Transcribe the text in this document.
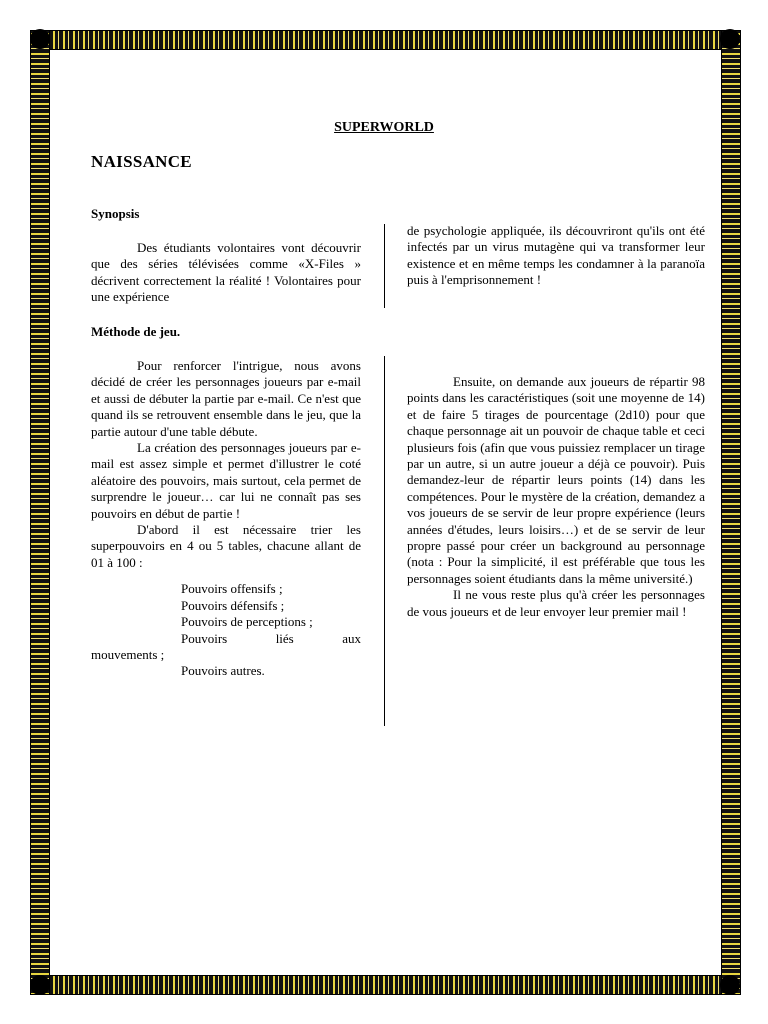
SUPERWORLD
NAISSANCE
Synopsis

Des étudiants volontaires vont découvrir que des séries télévisées comme «X-Files » décrivent correctement la réalité ! Volontaires pour une expérience

de psychologie appliquée, ils découvriront qu'ils ont été infectés par un virus mutagène qui va transformer leur existence et en même temps les condamner à la paranoïa puis à l'emprisonnement !

Méthode de jeu.

Pour renforcer l'intrigue, nous avons décidé de créer les personnages joueurs par e-mail et aussi de débuter la partie par e-mail. Ce n'est que quand ils se retrouvent ensemble dans le jeu, que la partie autour d'une table débute.

La création des personnages joueurs par e-mail est assez simple et permet d'illustrer le coté aléatoire des pouvoirs, mais surtout, cela permet de surprendre le joueur… car lui ne connaît pas ses pouvoirs en début de partie !

D'abord il est nécessaire trier les superpouvoirs en 4 ou 5 tables, chacune allant de 01 à 100 :

Pouvoirs offensifs ;
Pouvoirs défensifs ;
Pouvoirs de perceptions ;
Pouvoirs	liés	aux
mouvements ;
Pouvoirs autres.

Ensuite, on demande aux joueurs de répartir 98 points dans les caractéristiques (soit une moyenne de 14) et de faire 5 tirages de pourcentage (2d10) pour que chaque personnage ait un pouvoir de chaque table et ceci plusieurs fois (afin que vous puissiez remplacer un tirage par un autre, si un autre joueur a déjà ce pouvoir). Puis demandez-leur de répartir leurs points (14) dans les compétences. Pour le mystère de la création, demandez a vos joueurs de se servir de leur propre expérience (leurs années d'études, leurs loisirs…) et de se servir de leur propre passé pour créer un background au personnage (nota : Pour la simplicité, il est préférable que tous les personnages soient étudiants dans la même université.)

Il ne vous reste plus qu'à créer les personnages de vous joueurs et de leur envoyer leur premier mail !
